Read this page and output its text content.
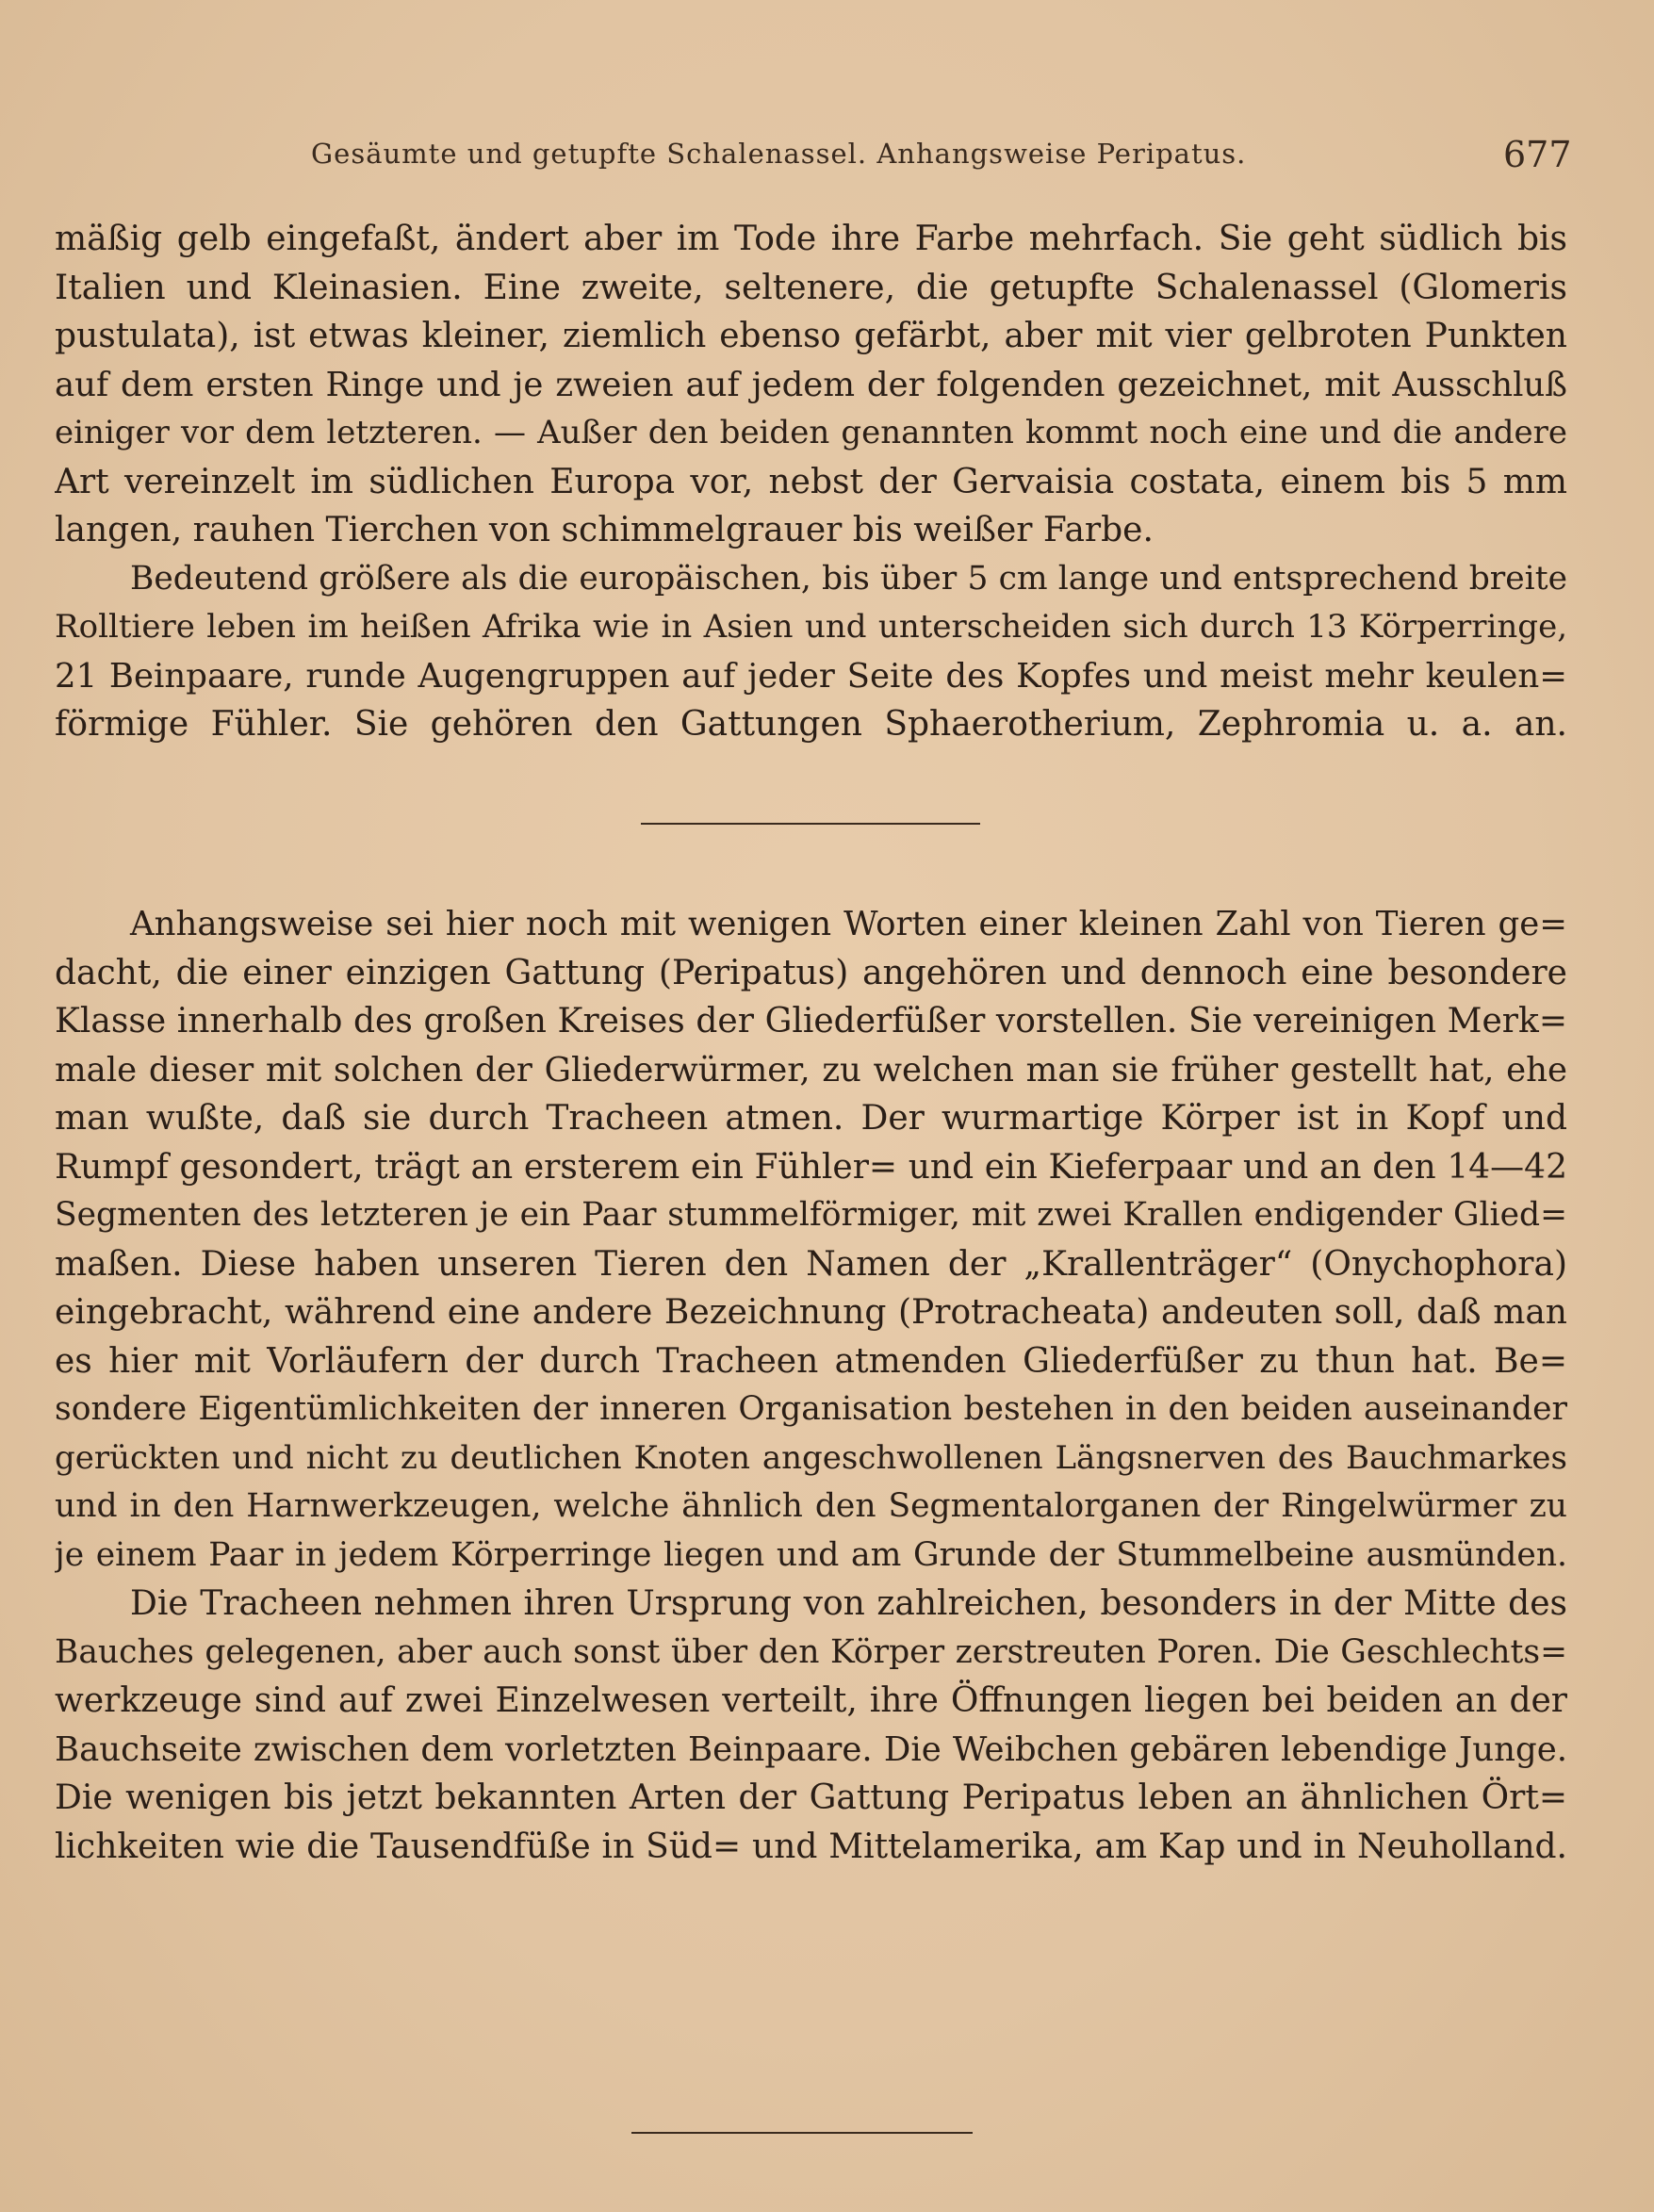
Gesäumte und getupfte Schalenassel. Anhangsweise Peripatus.	677
mäßig gelb eingefaßt, ändert aber im Tode ihre Farbe mehrfach. Sie geht südlich bis
Italien und Kleinasien. Eine zweite, seltenere, die getupfte Schalenassel (Glomeris
pustulata), ist etwas kleiner, ziemlich ebenso gefärbt, aber mit vier gelbroten Punkten
auf dem ersten Ringe und je zweien auf jedem der folgenden gezeichnet, mit Ausschluß
einiger vor dem letzteren. — Außer den beiden genannten kommt noch eine und die andere
Art vereinzelt im südlichen Europa vor, nebst der Gervaisia costata, einem bis 5 mm
langen, rauhen Tierchen von schimmelgrauer bis weißer Farbe.
Bedeutend größere als die europäischen, bis über 5 cm lange und entsprechend breite
Rolltiere leben im heißen Afrika wie in Asien und unterscheiden sich durch 13 Körperringe,
21 Beinpaare, runde Augengruppen auf jeder Seite des Kopfes und meist mehr keulen=
förmige Fühler. Sie gehören den Gattungen Sphaerotherium, Zephromia u. a. an.
Anhangsweise sei hier noch mit wenigen Worten einer kleinen Zahl von Tieren ge=
dacht, die einer einzigen Gattung (Peripatus) angehören und dennoch eine besondere
Klasse innerhalb des großen Kreises der Gliederfüßer vorstellen. Sie vereinigen Merk=
male dieser mit solchen der Gliederwürmer, zu welchen man sie früher gestellt hat, ehe
man wußte, daß sie durch Tracheen atmen. Der wurmartige Körper ist in Kopf und
Rumpf gesondert, trägt an ersterem ein Fühler= und ein Kieferpaar und an den 14—42
Segmenten des letzteren je ein Paar stummelförmiger, mit zwei Krallen endigender Glied=
maßen. Diese haben unseren Tieren den Namen der „Krallenträger“ (Onychophora)
eingebracht, während eine andere Bezeichnung (Protracheata) andeuten soll, daß man
es hier mit Vorläufern der durch Tracheen atmenden Gliederfüßer zu thun hat. Be=
sondere Eigentümlichkeiten der inneren Organisation bestehen in den beiden auseinander
gerückten und nicht zu deutlichen Knoten angeschwollenen Längsnerven des Bauchmarkes
und in den Harnwerkzeugen, welche ähnlich den Segmentalorganen der Ringelwürmer zu
je einem Paar in jedem Körperringe liegen und am Grunde der Stummelbeine ausmünden.
Die Tracheen nehmen ihren Ursprung von zahlreichen, besonders in der Mitte des
Bauches gelegenen, aber auch sonst über den Körper zerstreuten Poren. Die Geschlechts=
werkzeuge sind auf zwei Einzelwesen verteilt, ihre Öffnungen liegen bei beiden an der
Bauchseite zwischen dem vorletzten Beinpaare. Die Weibchen gebären lebendige Junge.
Die wenigen bis jetzt bekannten Arten der Gattung Peripatus leben an ähnlichen Ört=
lichkeiten wie die Tausendfüße in Süd= und Mittelamerika, am Kap und in Neuholland.
